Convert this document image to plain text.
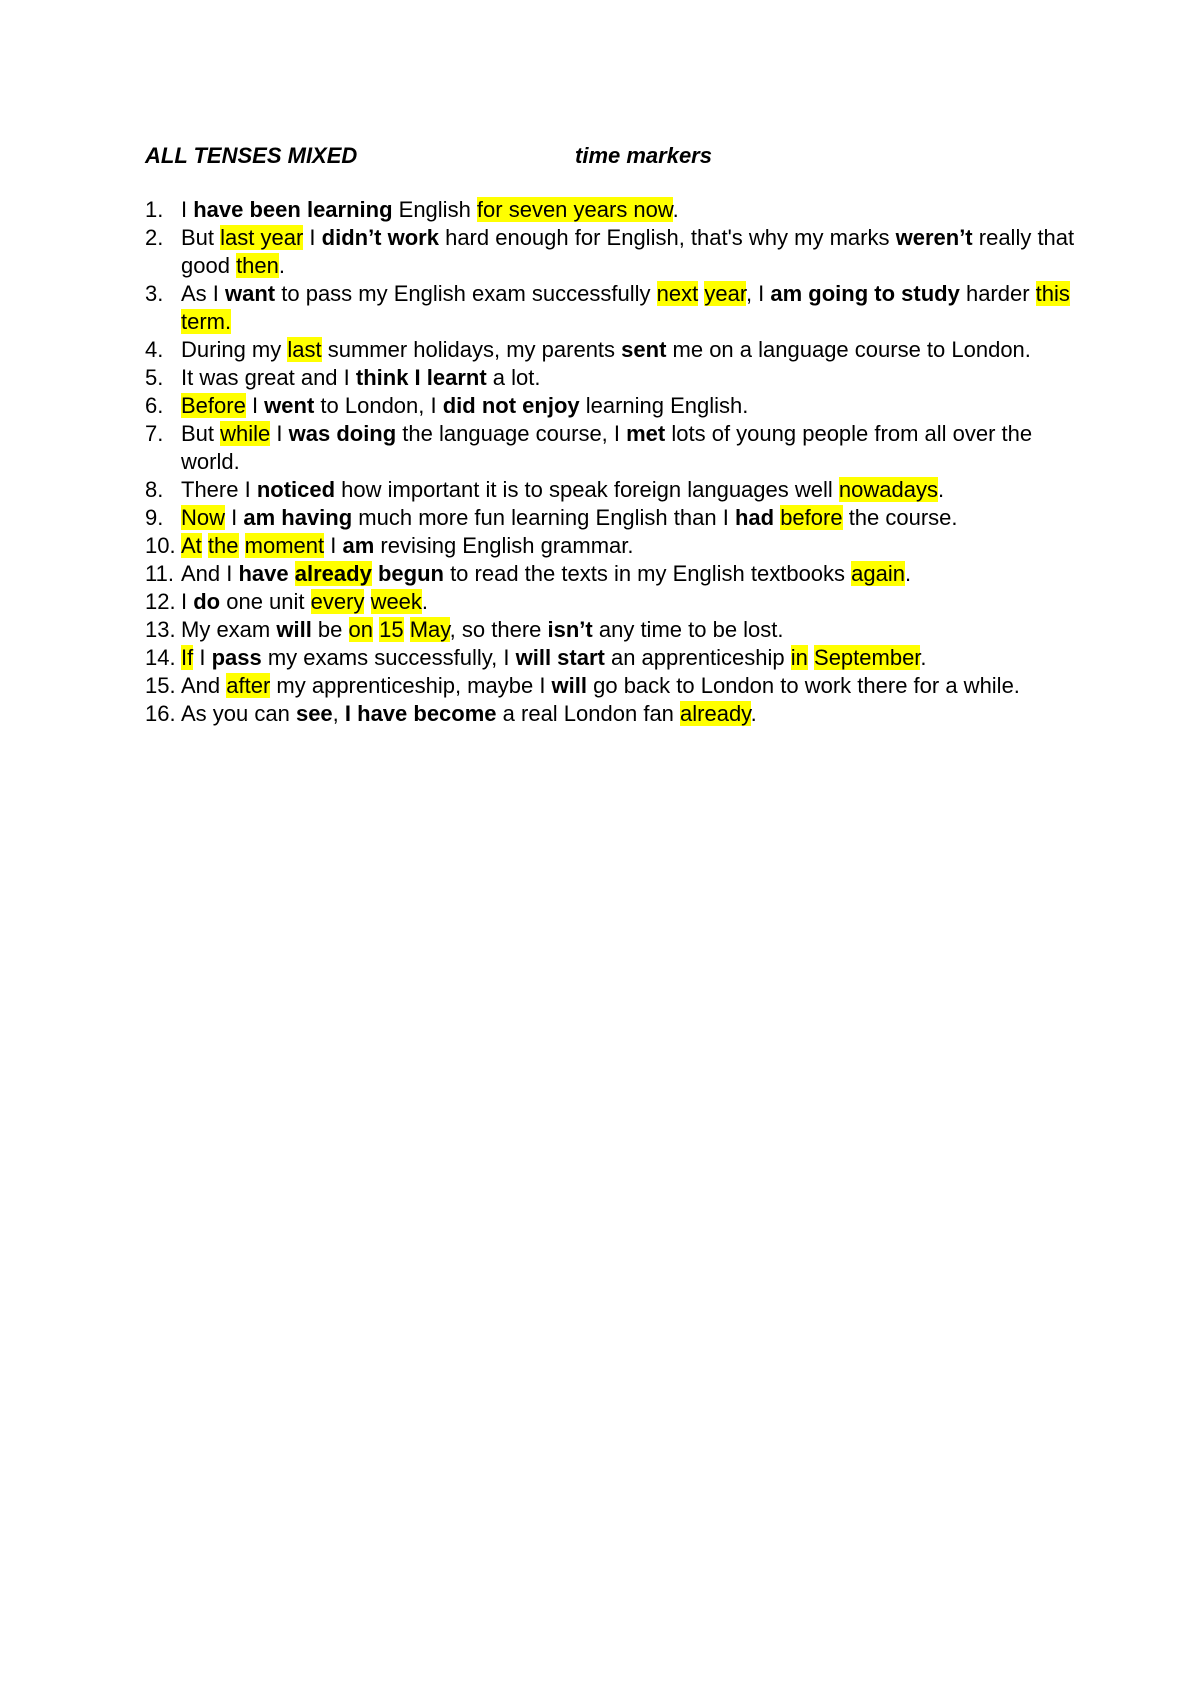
ALL TENSES MIXED	time markers
1. I have been learning English for seven years now.
2. But last year I didn’t work hard enough for English, that's why my marks weren’t really that good then.
3. As I want to pass my English exam successfully next year, I am going to study harder this term.
4. During my last summer holidays, my parents sent me on a language course to London.
5. It was great and I think I learnt a lot.
6. Before I went to London, I did not enjoy learning English.
7. But while I was doing the language course, I met lots of young people from all over the world.
8. There I noticed how important it is to speak foreign languages well nowadays.
9. Now I am having much more fun learning English than I had before the course.
10. At the moment I am revising English grammar.
11. And I have already begun to read the texts in my English textbooks again.
12. I do one unit every week.
13. My exam will be on 15 May, so there isn’t any time to be lost.
14. If I pass my exams successfully, I will start an apprenticeship in September.
15. And after my apprenticeship, maybe I will go back to London to work there for a while.
16. As you can see, I have become a real London fan already.
